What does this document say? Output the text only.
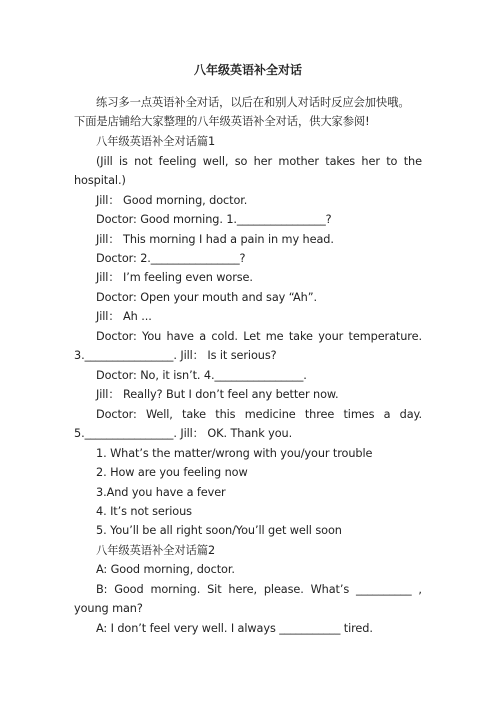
八年级英语补全对话
练习多一点英语补全对话，以后在和别人对话时反应会加快哦。
下面是店铺给大家整理的八年级英语补全对话，供大家参阅!
八年级英语补全对话篇1
(Jill is not feeling well, so her mother takes her to the
hospital.)
Jill： Good morning, doctor.
Doctor: Good morning. 1.________________?
Jill： This morning I had a pain in my head.
Doctor: 2.________________?
Jill： I’m feeling even worse.
Doctor: Open your mouth and say “Ah”.
Jill： Ah ...
Doctor: You have a cold. Let me take your temperature.
3.________________. Jill： Is it serious?
Doctor: No, it isn’t. 4.________________.
Jill： Really? But I don’t feel any better now.
Doctor: Well, take this medicine three times a day.
5.________________. Jill： OK. Thank you.
1. What’s the matter/wrong with you/your trouble
2. How are you feeling now
3.And you have a fever
4. It’s not serious
5. You’ll be all right soon/You’ll get well soon
八年级英语补全对话篇2
A: Good morning, doctor.
B: Good morning. Sit here, please. What’s __________ ,
young man?
A: I don’t feel very well. I always ___________ tired.
